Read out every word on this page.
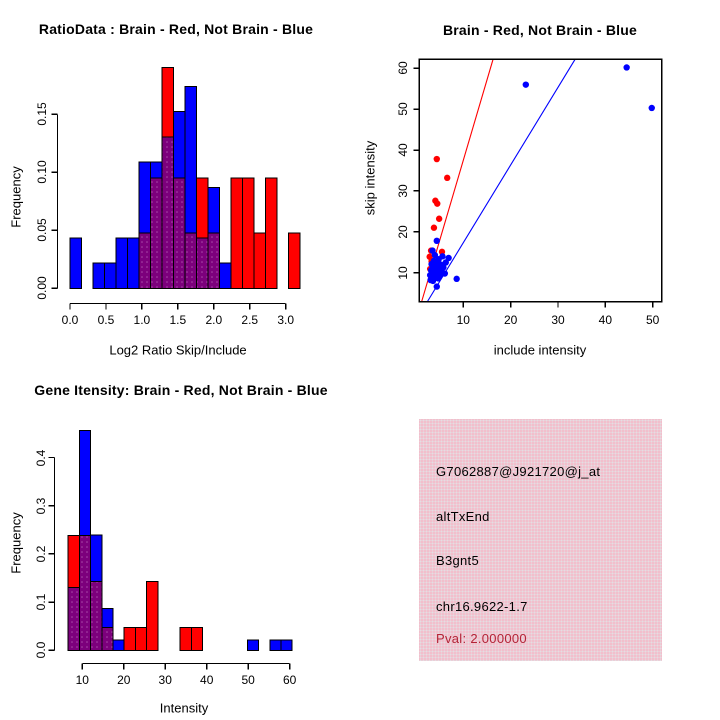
RatioData : Brain - Red, Not Brain - Blue	Brain - Red, Not Brain - Blue
Gene Itensity: Brain - Red, Not Brain - Blue
Log2 Ratio Skip/Include
Frequency
include intensity
skip intensity
Intensity
Frequency
0.0 0.5 1.0 1.5 2.0 2.5 3.0
0.00
0.05
0.10
0.15
10	20	30	40	50
10
20
30
40
50
60
10 20 30 40 50 60
0.0
0.1
0.2
0.3
0.4
G7062887@J921720@j_at
altTxEnd
B3gnt5
chr16.9622-1.7
Pval: 2.000000
